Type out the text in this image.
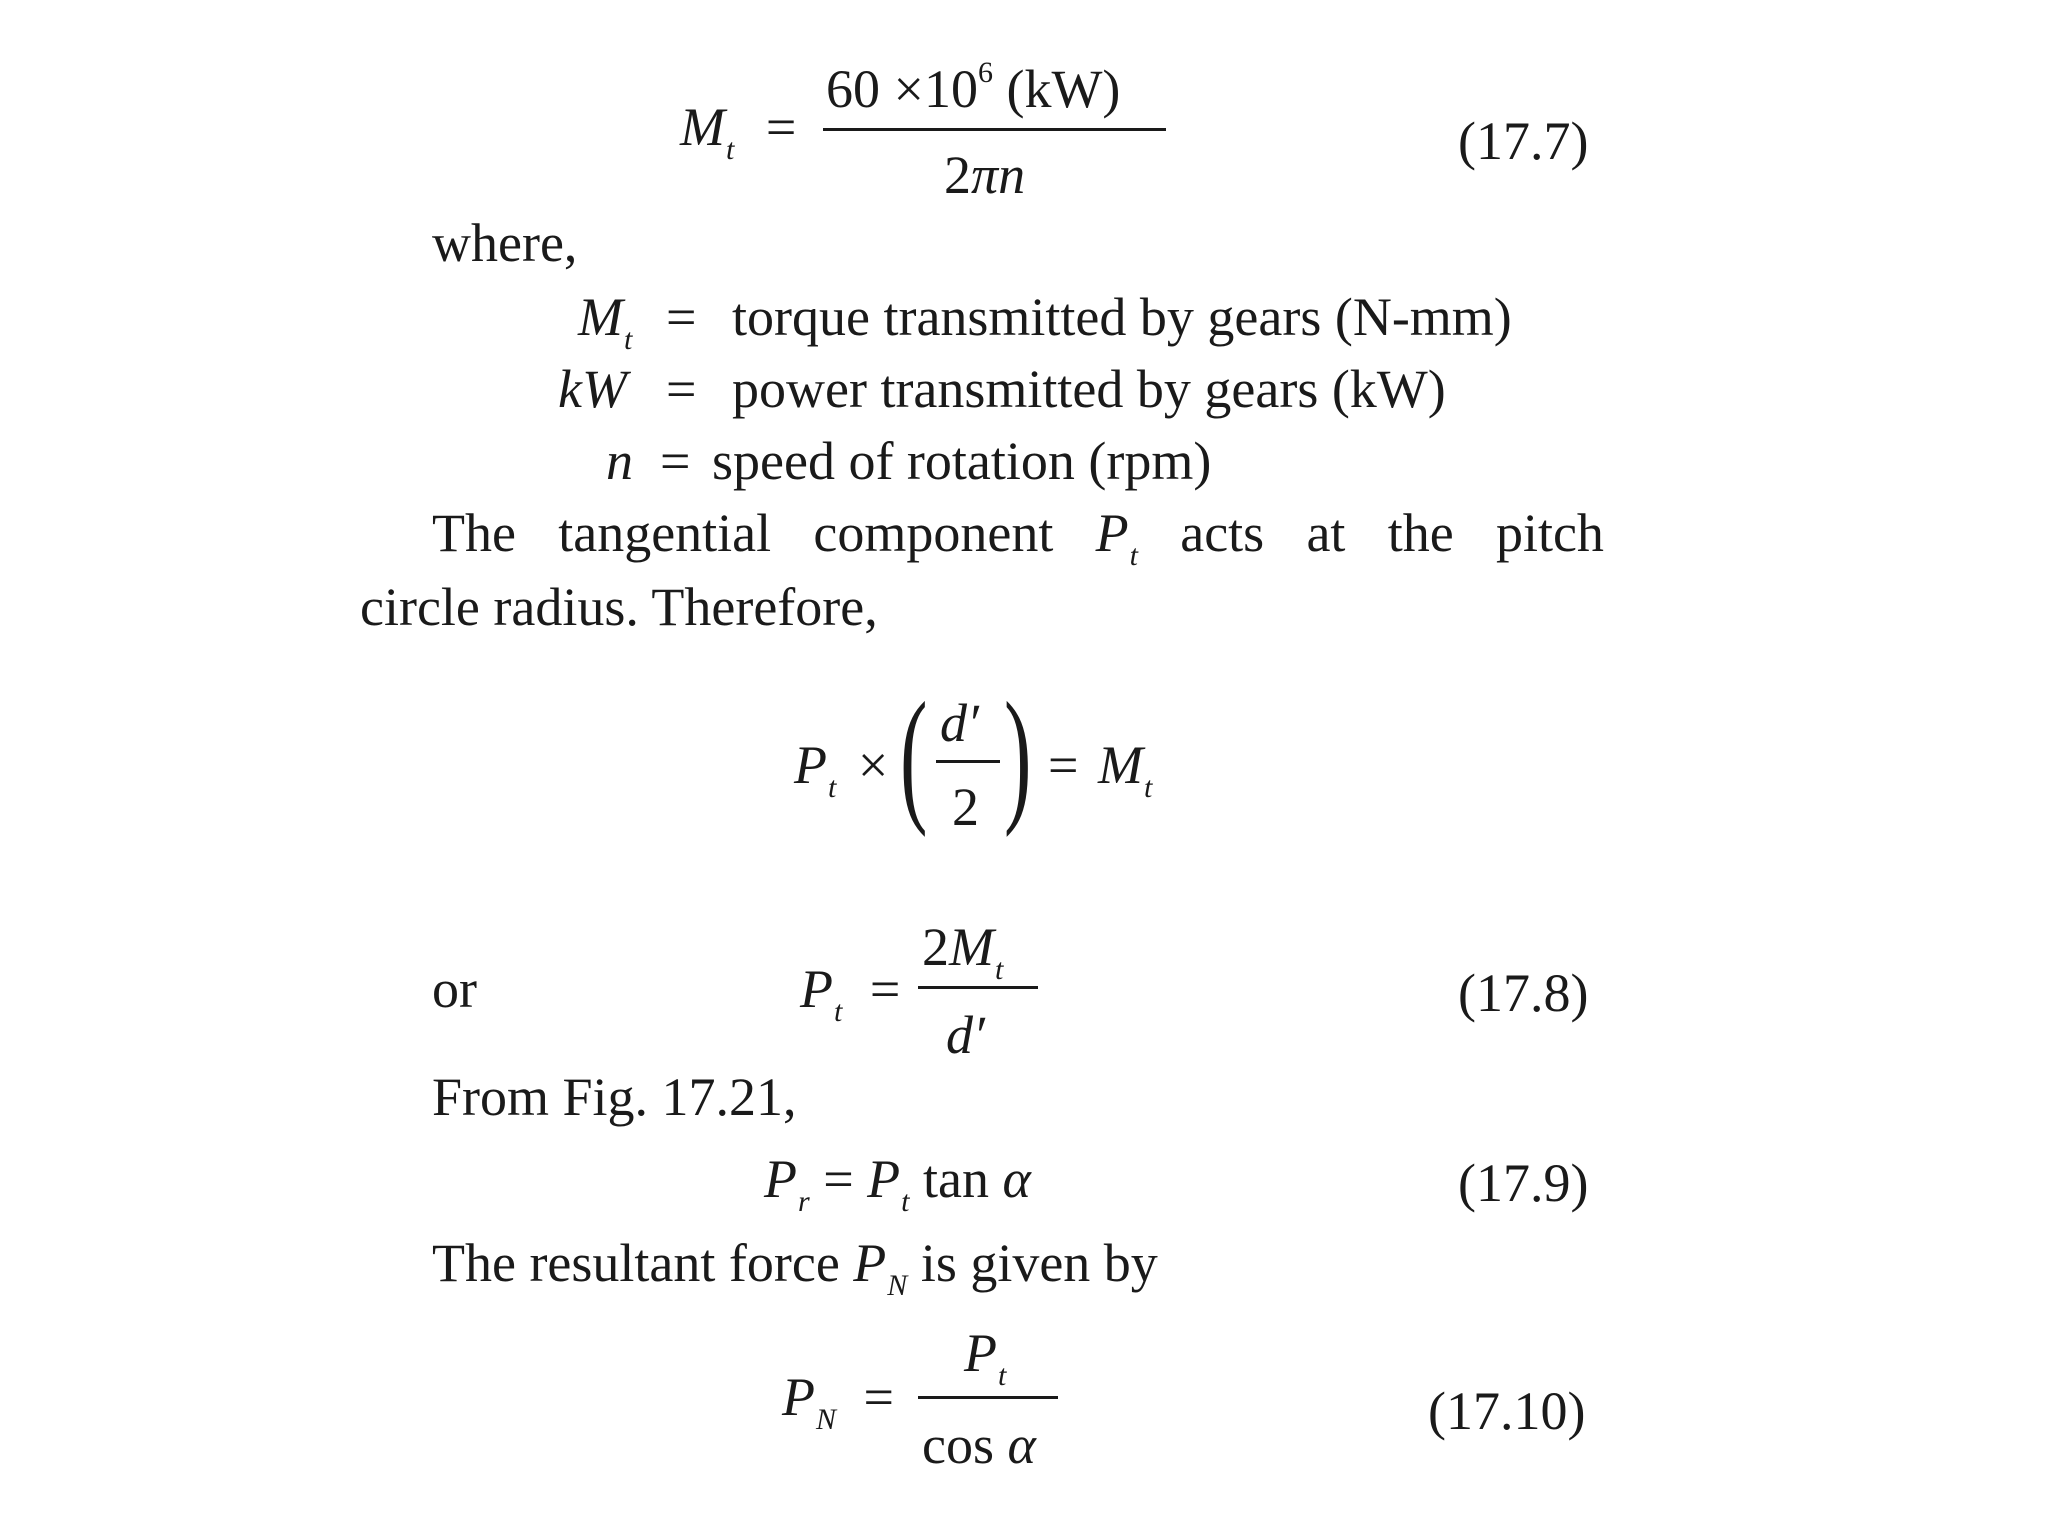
$M_t$ =
$60 \times 10^6$ (kW)
2πn
(17.7)
where,
$M_t$ = torque transmitted by gears (N-mm)
kW = power transmitted by gears (kW)
n = speed of rotation (rpm)
The tangential component $P_t$ acts at the pitch
circle radius. Therefore,
$P_t$ × ( d′
2 ) = $M_t$
or	$P_t$ =
$2M_t$
d′
(17.8)
From Fig. 17.21,
$P_r = P_t$ tan α	(17.9)
The resultant force $P_N$ is given by
$P_N$ =
$P_t$
cos α
(17.10)
